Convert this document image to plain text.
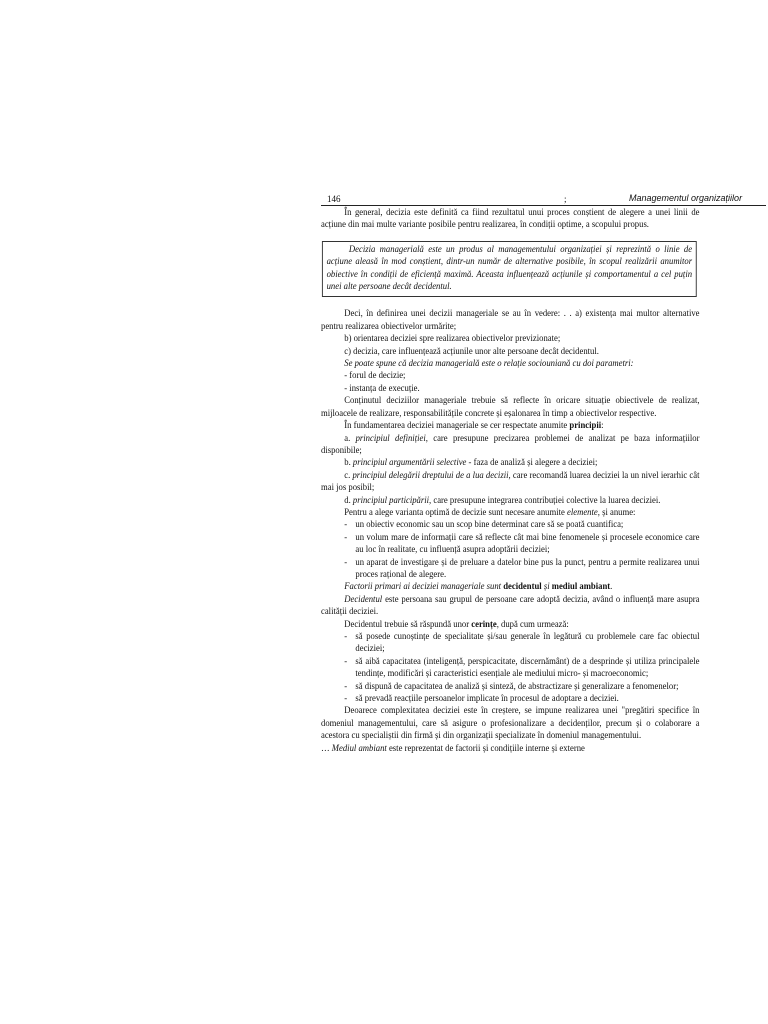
146	;	Managementul organizațiilor

În general, decizia este definită ca fiind rezultatul unui proces conștient de alegere a unei linii de acțiune din mai multe variante posibile pentru realizarea, în condiții optime, a scopului propus.

Decizia managerială este un produs al managementului organizației și reprezintă o linie de acțiune aleasă în mod conștient, dintr-un număr de alternative posibile, în scopul realizării anumitor obiective în condiții de eficiență maximă. Aceasta influențează acțiunile și comportamentul a cel puțin unei alte persoane decât decidentul.

Deci, în definirea unei decizii manageriale se au în vedere: . . a) existența mai multor alternative pentru realizarea obiectivelor urmărite;

b) orientarea deciziei spre realizarea obiectivelor previzionate;

c) decizia, care influențează acțiunile unor alte persoane decât decidentul.

Se poate spune că decizia managerială este o relație sociouniană cu doi parametri:

- forul de decizie;

- instanța de execuție.

Conținutul deciziilor manageriale trebuie să reflecte în oricare situație obiectivele de realizat, mijloacele de realizare, responsabilitățile concrete și eșalonarea în timp a obiectivelor respective.

În fundamentarea deciziei manageriale se cer respectate anumite principii:

a. principiul definiției, care presupune precizarea problemei de analizat pe baza informațiilor disponibile;

b. principiul argumentării selective - faza de analiză și alegere a deciziei;

c. principiul delegării dreptului de a lua decizii, care recomandă luarea deciziei la un nivel ierarhic cât mai jos posibil;

d. principiul participării, care presupune integrarea contribuției colective la luarea deciziei.

Pentru a alege varianta optimă de decizie sunt necesare anumite elemente, și anume:

- un obiectiv economic sau un scop bine determinat care să se poată cuantifica;

- un volum mare de informații care să reflecte cât mai bine fenomenele și procesele economice care au loc în realitate, cu influență asupra adoptării deciziei;

- un aparat de investigare și de preluare a datelor bine pus la punct, pentru a permite realizarea unui proces rațional de alegere.

Factorii primari ai deciziei manageriale sunt decidentul și mediul ambiant.

Decidentul este persoana sau grupul de persoane care adoptă decizia, având o influență mare asupra calității deciziei.

Decidentul trebuie să răspundă unor cerințe, după cum urmează:

- să posede cunoștințe de specialitate și/sau generale în legătură cu problemele care fac obiectul deciziei;

- să aibă capacitatea (inteligență, perspicacitate, discernământ) de a desprinde și utiliza principalele tendințe, modificări și caracteristici esențiale ale mediului micro- și macroeconomic;

- să dispună de capacitatea de analiză și sinteză, de abstractizare și generalizare a fenomenelor;

- să prevadă reacțiile persoanelor implicate în procesul de adoptare a deciziei.

Deoarece complexitatea deciziei este în creștere, se impune realizarea unei "pregătiri specifice în domeniul managementului, care să asigure o profesionalizare a decidenților, precum și o colaborare a acestora cu specialiștii din firmă și din organizații specializate în domeniul managementului.

… Mediul ambiant este reprezentat de factorii și condițiile interne și externe
